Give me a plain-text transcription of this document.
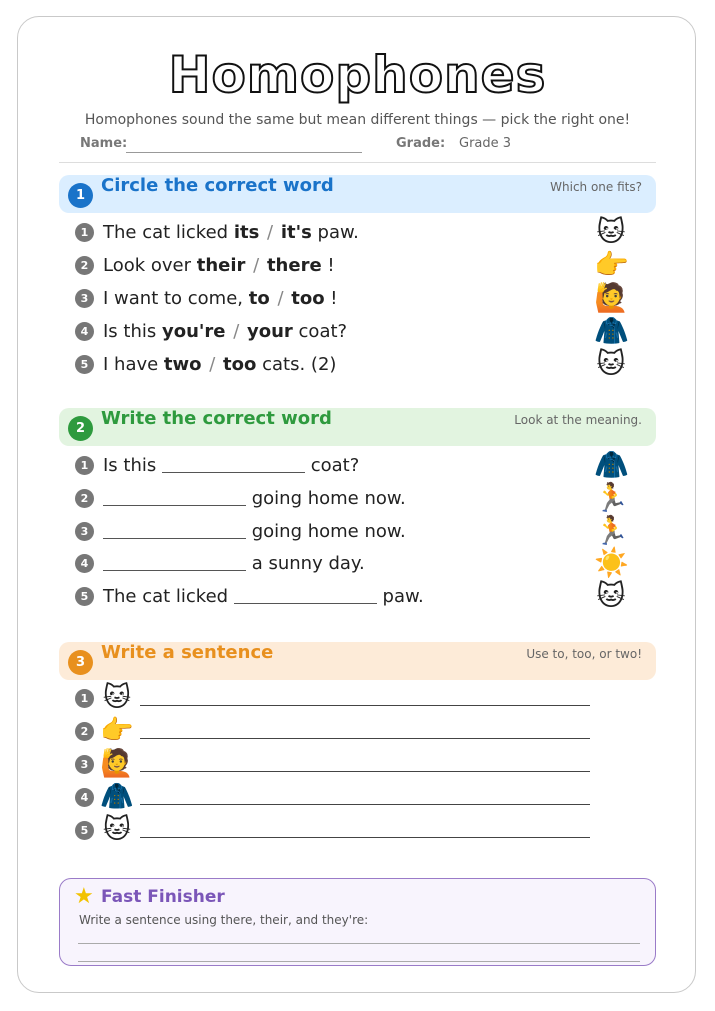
Homophones
Homophones sound the same but mean different things — pick the right one!
Name:	Grade: Grade 3
1 Circle the correct word	Which one fits?
1 The cat licked its / it's paw.	🐱
2 Look over their / there !	👉
3 I want to come, to / too !	🙋
4 Is this you're / your coat?	🧥
5 I have two / too cats. (2)	🐱
2 Write the correct word	Look at the meaning.
1 Is this	coat?	🧥
2	going home now.	🏃
3	going home now.	🏃
4	a sunny day.	☀️
5 The cat licked	paw.	🐱
3 Write a sentence	Use to, too, or two!
1 🐱
2 👉
3 🙋
4 🧥
5 🐱
★ Fast Finisher
Write a sentence using there, their, and they're:
